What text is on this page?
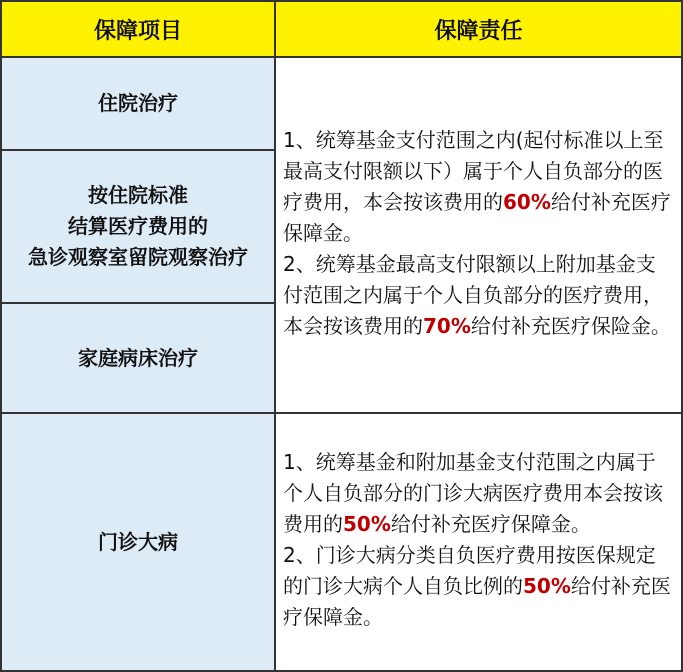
保障项目	保障责任
住院治疗
按住院标准
结算医疗费用的
急诊观察室留院观察治疗
家庭病床治疗
门诊大病
1、统筹基金支付范围之内(起付标准以上至最高支付限额以下）属于个人自负部分的医疗费用，本会按该费用的60%给付补充医疗保障金。
2、统筹基金最高支付限额以上附加基金支付范围之内属于个人自负部分的医疗费用，本会按该费用的70%给付补充医疗保险金。
1、统筹基金和附加基金支付范围之内属于个人自负部分的门诊大病医疗费用本会按该费用的50%给付补充医疗保障金。
2、门诊大病分类自负医疗费用按医保规定的门诊大病个人自负比例的50%给付补充医疗保障金。
